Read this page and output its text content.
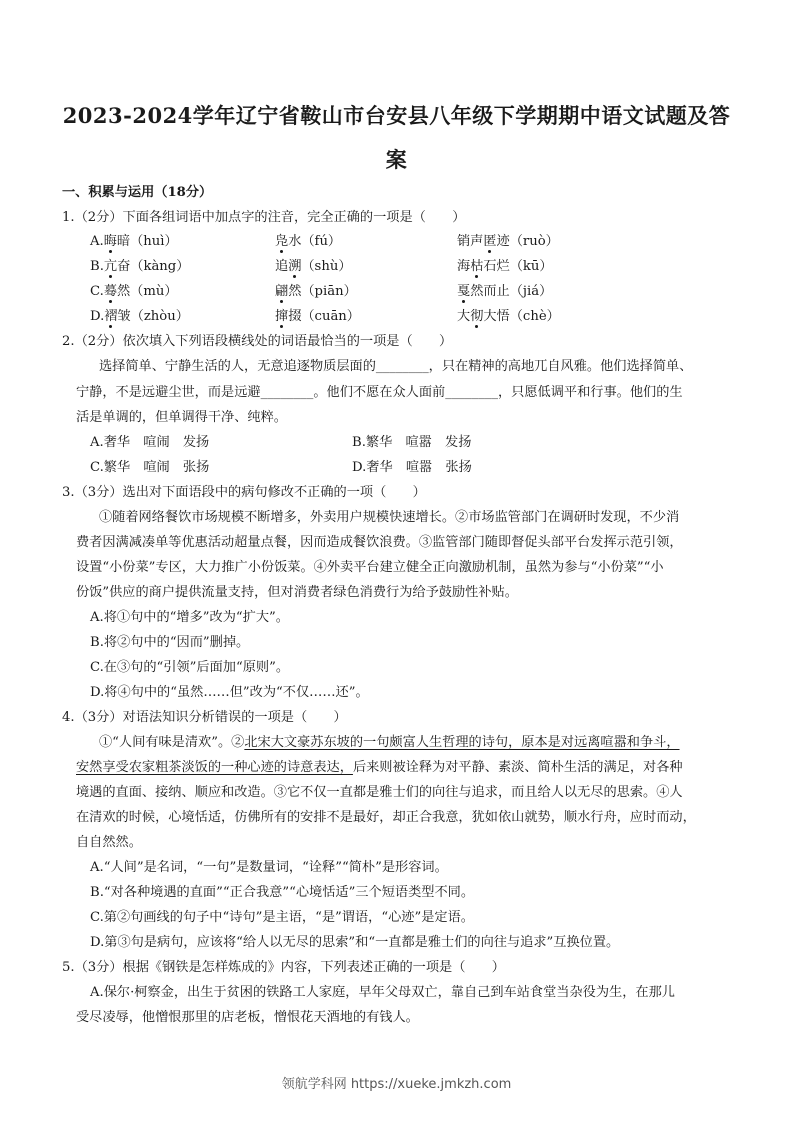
2023-2024学年辽宁省鞍山市台安县八年级下学期期中语文试题及答
案
一、积累与运用（18分）
1.（2分）下面各组词语中加点字的注音，完全正确的一项是（　　）
A.晦暗（huì）	凫水（fú）	销声匿迹（ruò）
B.亢奋（kàng）	追溯（shù）	海枯石烂（kū）
C.蓦然（mù）	翩然（piān）	戛然而止（jiá）
D.褶皱（zhòu）	撺掇（cuān）	大彻大悟（chè）
2.（2分）依次填入下列语段横线处的词语最恰当的一项是（　　）
选择简单、宁静生活的人，无意追逐物质层面的________，只在精神的高地兀自风雅。他们选择简单、
宁静，不是远避尘世，而是远避________。他们不愿在众人面前________，只愿低调平和行事。他们的生
活是单调的，但单调得干净、纯粹。
A.奢华　喧闹　发扬	B.繁华　喧嚣　发扬
C.繁华　喧闹　张扬	D.奢华　喧嚣　张扬
3.（3分）选出对下面语段中的病句修改不正确的一项（　　）
①随着网络餐饮市场规模不断增多，外卖用户规模快速增长。②市场监管部门在调研时发现，不少消
费者因满减凑单等优惠活动超量点餐，因而造成餐饮浪费。③监管部门随即督促头部平台发挥示范引领，
设置“小份菜”专区，大力推广小份饭菜。④外卖平台建立健全正向激励机制，虽然为参与“小份菜”“小
份饭”供应的商户提供流量支持，但对消费者绿色消费行为给予鼓励性补贴。
A.将①句中的“增多”改为“扩大”。
B.将②句中的“因而”删掉。
C.在③句的“引领”后面加“原则”。
D.将④句中的“虽然……但”改为“不仅……还”。
4.（3分）对语法知识分析错误的一项是（　　）
①“人间有味是清欢”。②北宋大文豪苏东坡的一句颇富人生哲理的诗句，原本是对远离喧嚣和争斗，
安然享受农家粗茶淡饭的一种心迹的诗意表达，后来则被诠释为对平静、素淡、简朴生活的满足，对各种
境遇的直面、接纳、顺应和改造。③它不仅一直都是雅士们的向往与追求，而且给人以无尽的思索。④人
在清欢的时候，心境恬适，仿佛所有的安排不是最好，却正合我意，犹如依山就势，顺水行舟，应时而动，
自自然然。
A.“人间”是名词，“一句”是数量词，“诠释”“简朴”是形容词。
B.“对各种境遇的直面”“正合我意”“心境恬适”三个短语类型不同。
C.第②句画线的句子中“诗句”是主语，“是”谓语，“心迹”是定语。
D.第③句是病句，应该将“给人以无尽的思索”和“一直都是雅士们的向往与追求”互换位置。
5.（3分）根据《钢铁是怎样炼成的》内容，下列表述正确的一项是（　　）
A.保尔·柯察金，出生于贫困的铁路工人家庭，早年父母双亡，靠自己到车站食堂当杂役为生，在那儿
受尽凌辱，他憎恨那里的店老板，憎恨花天酒地的有钱人。
领航学科网 https://xueke.jmkzh.com
